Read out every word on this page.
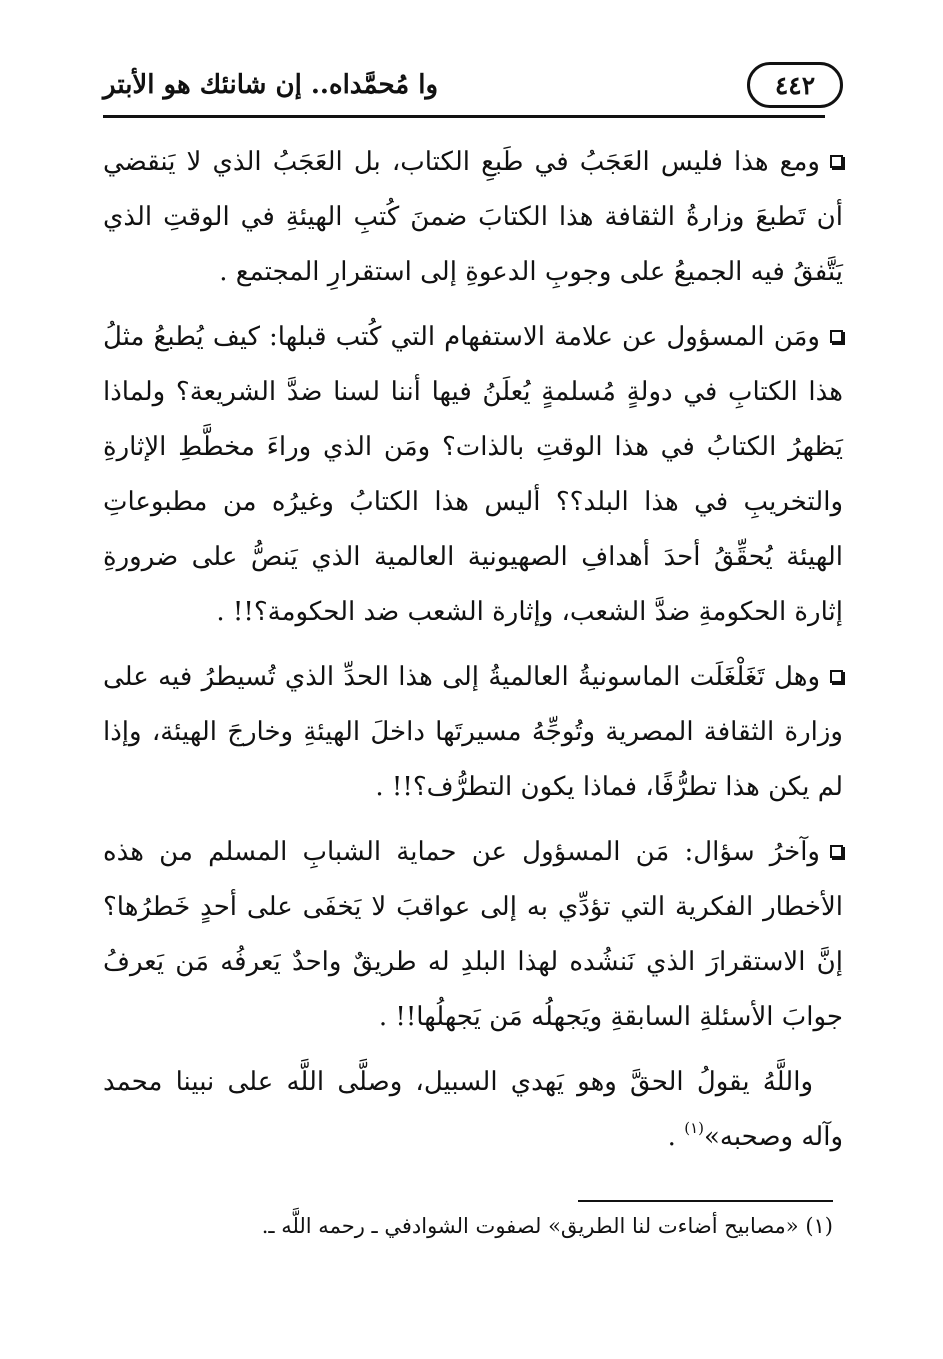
٤٤٢
وا مُحمَّداه.. إن شانئك هو الأبتر

ومع هذا فليس العَجَبُ في طَبعِ الكتاب، بل العَجَبُ الذي لا يَنقضي أن تَطبعَ وزارةُ الثقافة هذا الكتابَ ضمنَ كُتبِ الهيئةِ في الوقتِ الذي يَتَّفقُ فيه الجميعُ على وجوبِ الدعوةِ إلى استقرارِ المجتمع .

ومَن المسؤول عن علامة الاستفهام التي كُتب قبلها: كيف يُطبعُ مثلُ هذا الكتابِ في دولةٍ مُسلمةٍ يُعلَنُ فيها أننا لسنا ضدَّ الشريعة؟ ولماذا يَظهرُ الكتابُ في هذا الوقتِ بالذات؟ ومَن الذي وراءَ مخطَّطِ الإثارةِ والتخريبِ في هذا البلد؟؟ أليس هذا الكتابُ وغيرُه من مطبوعاتِ الهيئة يُحقِّقُ أحدَ أهدافِ الصهيونية العالمية الذي يَنصُّ على ضرورةِ إثارة الحكومةِ ضدَّ الشعب، وإثارة الشعب ضد الحكومة؟!! .

وهل تَغَلْغَلَت الماسونيةُ العالميةُ إلى هذا الحدِّ الذي تُسيطرُ فيه على وزارة الثقافة المصرية وتُوجِّهُ مسيرتَها داخلَ الهيئةِ وخارجَ الهيئة، وإذا لم يكن هذا تطرُّفًا، فماذا يكون التطرُّف؟!! .

وآخرُ سؤال: مَن المسؤول عن حماية الشبابِ المسلم من هذه الأخطار الفكرية التي تؤدِّي به إلى عواقبَ لا يَخفَى على أحدٍ خَطرُها؟ إنَّ الاستقرارَ الذي نَنشُده لهذا البلدِ له طريقٌ واحدٌ يَعرفُه مَن يَعرفُ جوابَ الأسئلةِ السابقةِ ويَجهلُه مَن يَجهلُها!! .

واللَّهُ يقولُ الحقَّ وهو يَهدي السبيل، وصلَّى اللَّه على نبينا محمد وآله وصحبه»$^{(١)}$ .

(١) «مصابيح أضاءت لنا الطريق» لصفوت الشوادفي ـ رحمه اللَّه ـ.
